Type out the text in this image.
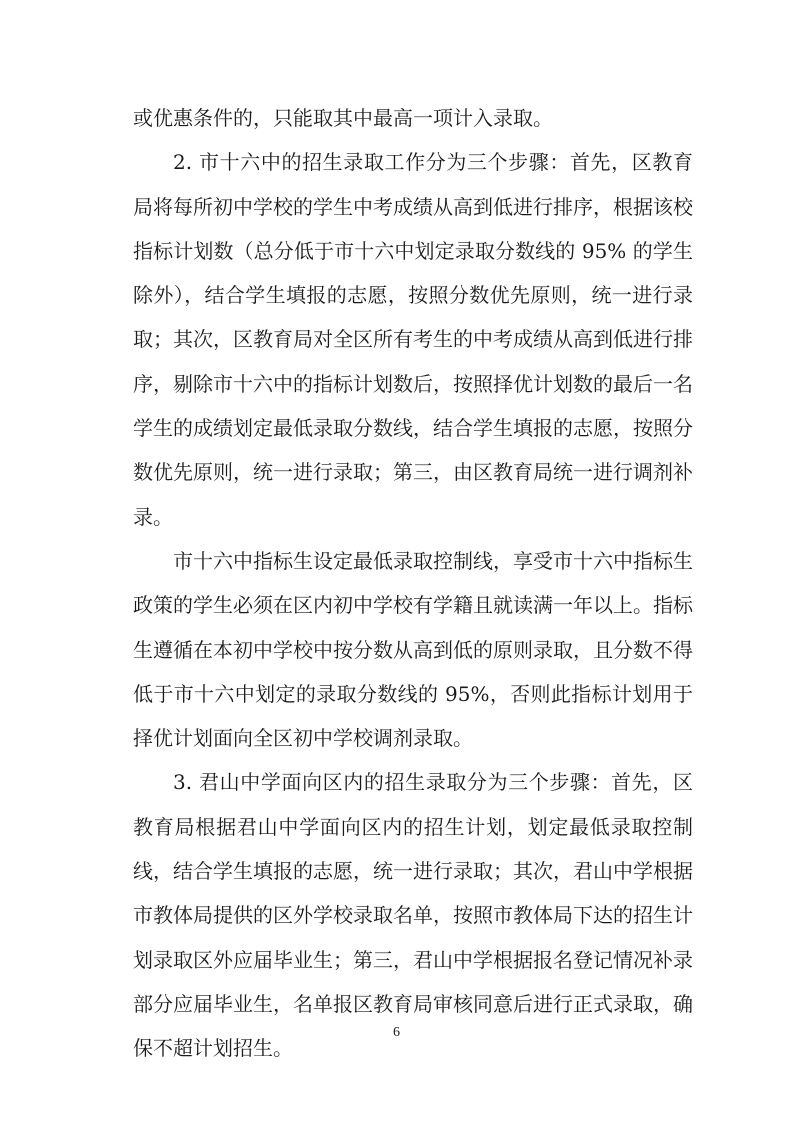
或优惠条件的，只能取其中最高一项计入录取。

2. 市十六中的招生录取工作分为三个步骤：首先，区教育局将每所初中学校的学生中考成绩从高到低进行排序，根据该校指标计划数（总分低于市十六中划定录取分数线的 95% 的学生除外），结合学生填报的志愿，按照分数优先原则，统一进行录取；其次，区教育局对全区所有考生的中考成绩从高到低进行排序，剔除市十六中的指标计划数后，按照择优计划数的最后一名学生的成绩划定最低录取分数线，结合学生填报的志愿，按照分数优先原则，统一进行录取；第三，由区教育局统一进行调剂补录。

市十六中指标生设定最低录取控制线，享受市十六中指标生政策的学生必须在区内初中学校有学籍且就读满一年以上。指标生遵循在本初中学校中按分数从高到低的原则录取，且分数不得低于市十六中划定的录取分数线的 95%，否则此指标计划用于择优计划面向全区初中学校调剂录取。

3. 君山中学面向区内的招生录取分为三个步骤：首先，区教育局根据君山中学面向区内的招生计划，划定最低录取控制线，结合学生填报的志愿，统一进行录取；其次，君山中学根据市教体局提供的区外学校录取名单，按照市教体局下达的招生计划录取区外应届毕业生；第三，君山中学根据报名登记情况补录部分应届毕业生，名单报区教育局审核同意后进行正式录取，确保不超计划招生。

6
